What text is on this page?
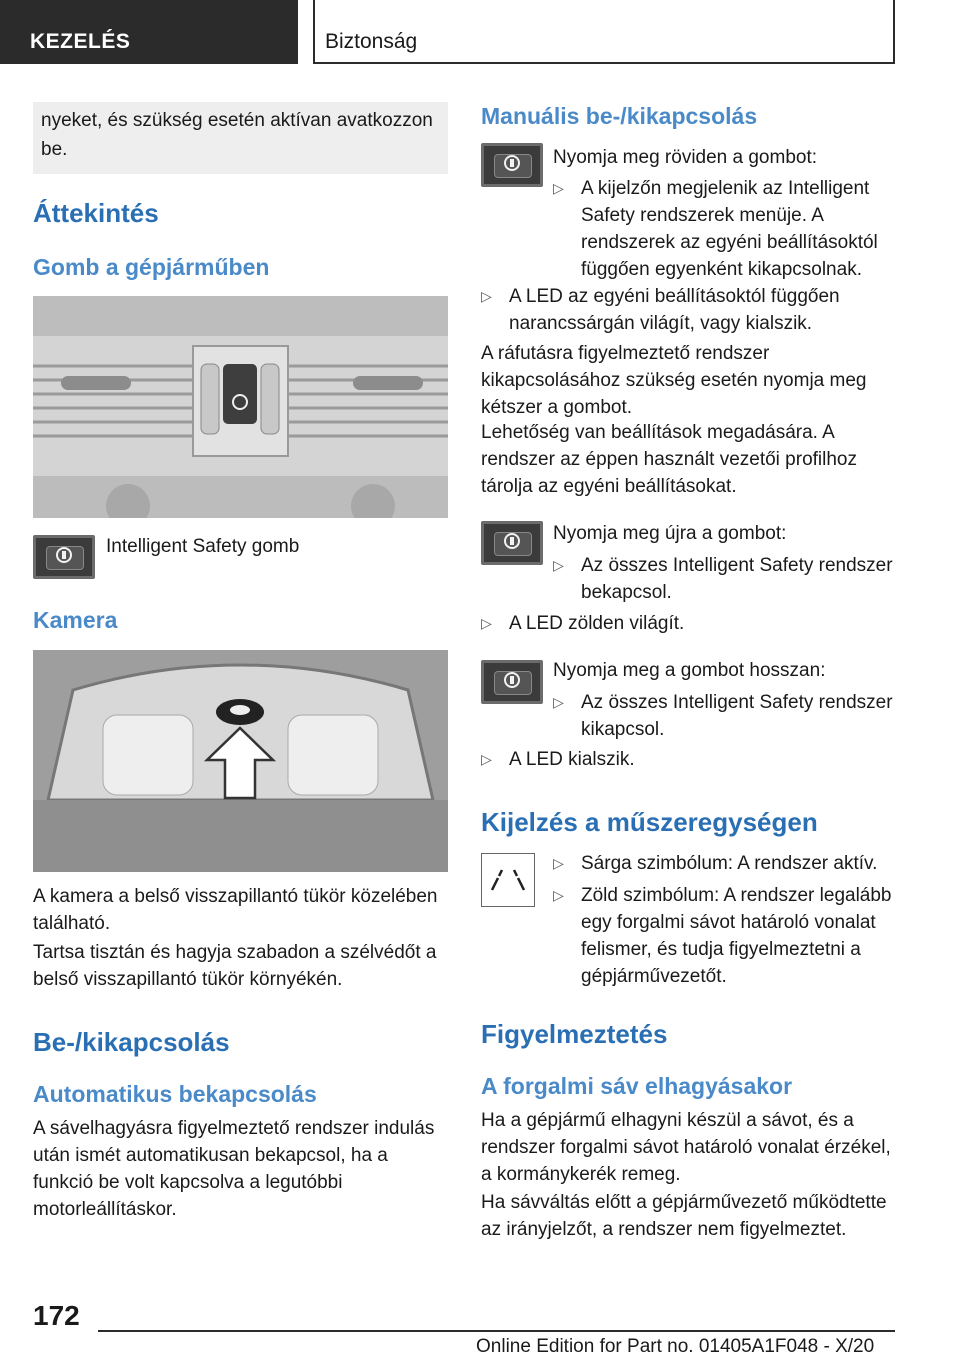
KEZELÉS	Biztonság
nyeket, és szükség esetén aktívan avatkozzon be.
Áttekintés
Gomb a gépjárműben

Intelligent Safety gomb

Kamera

A kamera a belső visszapillantó tükör közelében található.

Tartsa tisztán és hagyja szabadon a szélvédőt a belső visszapillantó tükör környékén.

Be-/kikapcsolás
Automatikus bekapcsolás

A sávelhagyásra figyelmeztető rendszer indulás után ismét automatikusan bekapcsol, ha a funkció be volt kapcsolva a legutóbbi motorleállításkor.

Manuális be-/kikapcsolás

Nyomja meg röviden a gombot:

▷ A kijelzőn megjelenik az Intelligent Safety rendszerek menüje. A rendszerek az egyéni beállításoktól függően egyenként kikapcsolnak.
▷ A LED az egyéni beállításoktól függően narancssárgán világít, vagy kialszik.

A ráfutásra figyelmeztető rendszer kikapcsolásához szükség esetén nyomja meg kétszer a gombot.

Lehetőség van beállítások megadására. A rendszer az éppen használt vezetői profilhoz tárolja az egyéni beállításokat.

Nyomja meg újra a gombot:

▷ Az összes Intelligent Safety rendszer bekapcsol.
▷ A LED zölden világít.

Nyomja meg a gombot hosszan:

▷ Az összes Intelligent Safety rendszer kikapcsol.
▷ A LED kialszik.
Kijelzés a műszeregységen
▷ Sárga szimbólum: A rendszer aktív.
▷ Zöld szimbólum: A rendszer legalább egy forgalmi sávot határoló vonalat felismer, és tudja figyelmeztetni a gépjárművezetőt.
Figyelmeztetés
A forgalmi sáv elhagyásakor

Ha a gépjármű elhagyni készül a sávot, és a rendszer forgalmi sávot határoló vonalat érzékel, a kormánykerék remeg.

Ha sávváltás előtt a gépjárművezető működtette az irányjelzőt, a rendszer nem figyelmeztet.

172
Online Edition for Part no. 01405A1F048 - X/20
